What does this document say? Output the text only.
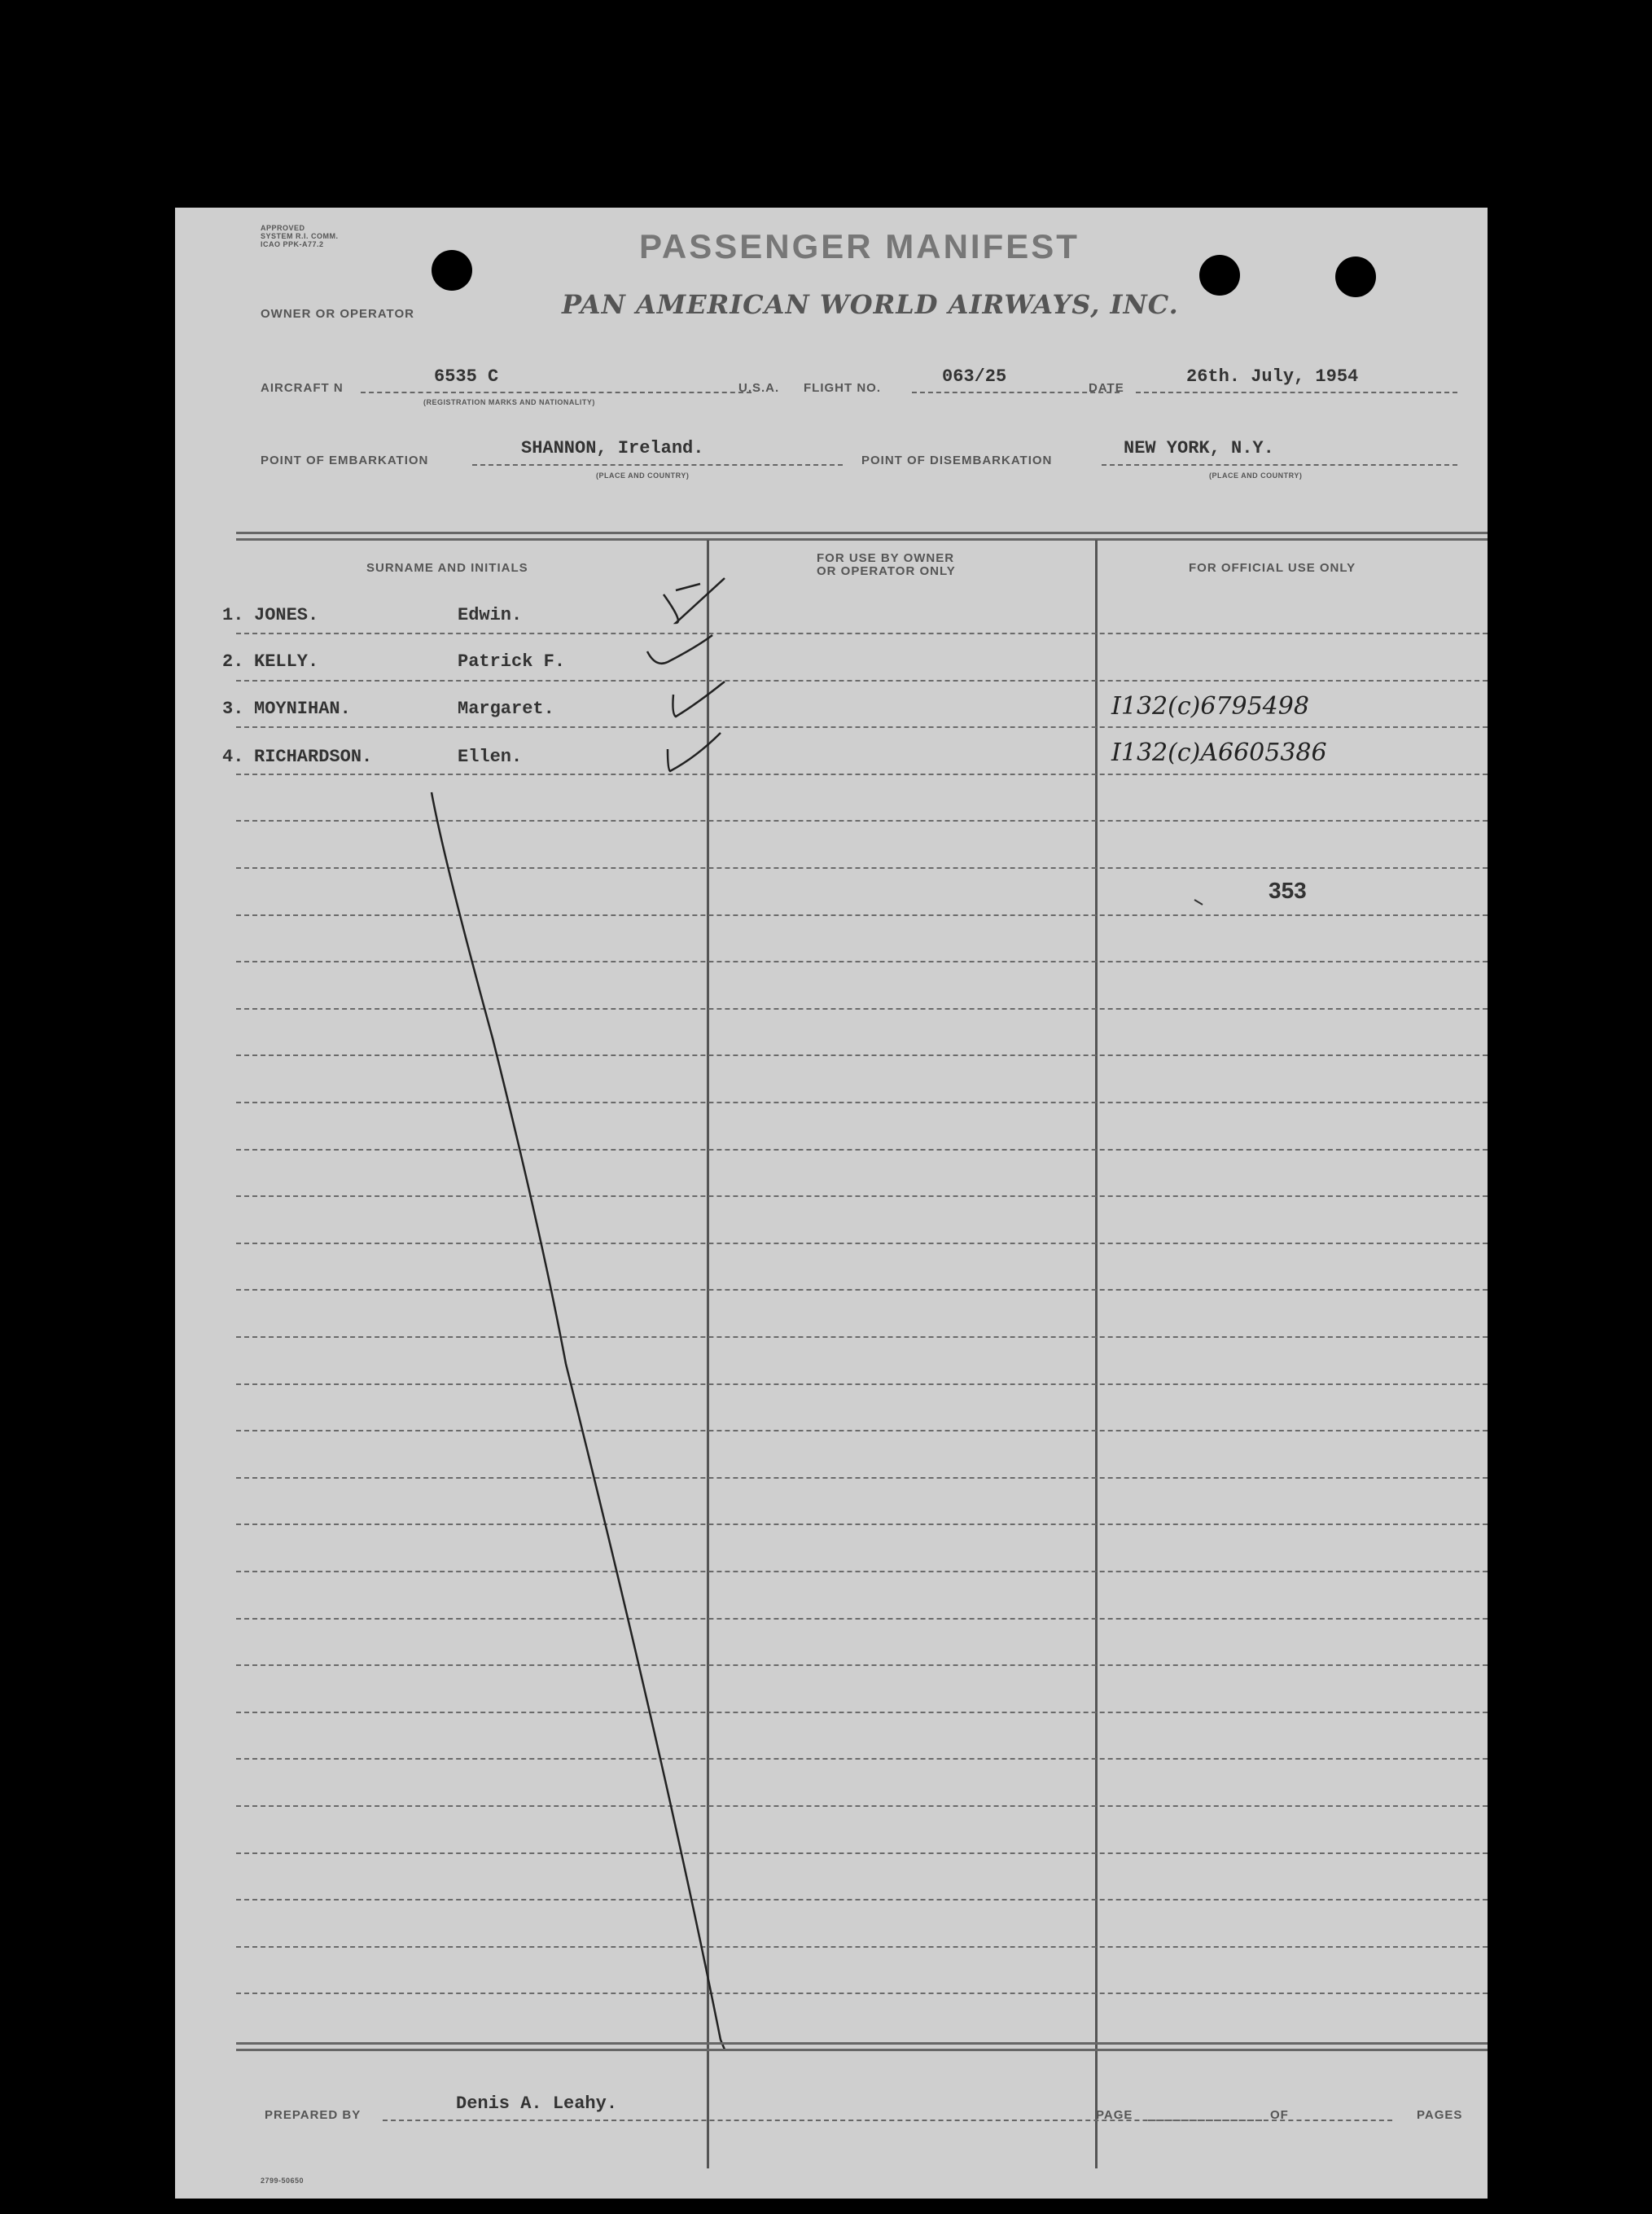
APPROVED
SYSTEM R.I. COMM.
ICAO PPK-A77.2	PASSENGER MANIFEST
OWNER OR OPERATOR	PAN AMERICAN WORLD AIRWAYS, INC.
AIRCRAFT N
6535 C
(REGISTRATION MARKS AND NATIONALITY)
U.S.A. FLIGHT NO.
063/25
DATE
26th. July, 1954
POINT OF EMBARKATION
SHANNON, Ireland.
(PLACE AND COUNTRY)
POINT OF DISEMBARKATION
NEW YORK, N.Y.
(PLACE AND COUNTRY)
SURNAME AND INITIALS
FOR USE BY OWNER
OR OPERATOR ONLY	FOR OFFICIAL USE ONLY
1. JONES.	Edwin.
2. KELLY.	Patrick F.
3. MOYNIHAN.	Margaret.	I132(c)6795498
4. RICHARDSON.	Ellen.	I132(c)A6605386
353
PREPARED BY
Denis A. Leahy.
PAGE	OF	PAGES
2799-50650
